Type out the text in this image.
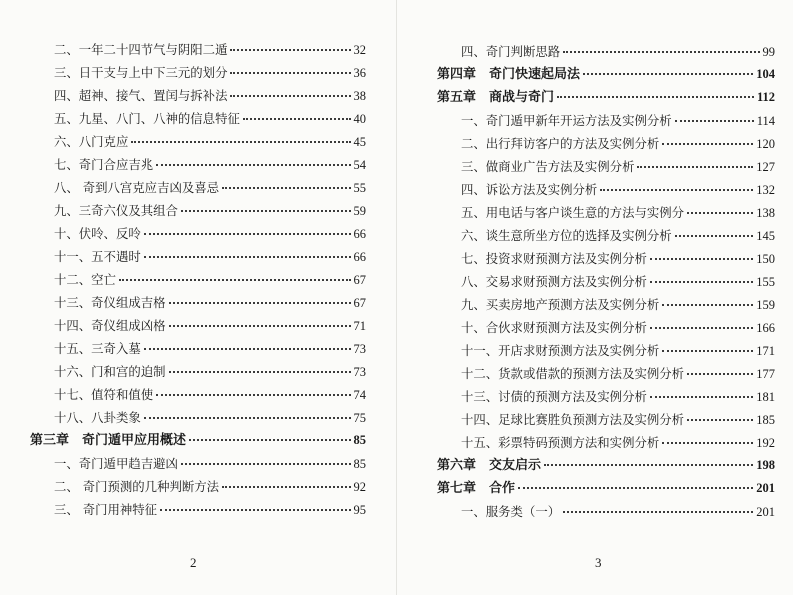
二、一年二十四节气与阴阳二遁	32
三、日干支与上中下三元的划分	36
四、超神、接气、置闰与拆补法	38
五、九星、八门、八神的信息特征	40
六、八门克应	45
七、奇门合应吉兆	54
八、 奇到八宫克应吉凶及喜忌	55
九、三奇六仪及其组合	59
十、伏呤、反呤	66
十一、五不遇时	66
十二、空亡	67
十三、奇仪组成吉格	67
十四、奇仪组成凶格	71
十五、三奇入墓	73
十六、门和宫的迫制	73
十七、值符和值使	74
十八、八卦类象	75
第三章　奇门遁甲应用概述	85
一、奇门遁甲趋吉避凶	85
二、 奇门预测的几种判断方法	92
三、 奇门用神特征	95
2
四、奇门判断思路	99
第四章　奇门快速起局法	104
第五章　商战与奇门	112
一、奇门遁甲新年开运方法及实例分析	114
二、出行拜访客户的方法及实例分析	120
三、做商业广告方法及实例分析	127
四、诉讼方法及实例分析	132
五、用电话与客户谈生意的方法与实例分	138
六、谈生意所坐方位的选择及实例分析	145
七、投资求财预测方法及实例分析	150
八、交易求财预测方法及实例分析	155
九、买卖房地产预测方法及实例分析	159
十、合伙求财预测方法及实例分析	166
十一、开店求财预测方法及实例分析	171
十二、货款或借款的预测方法及实例分析	177
十三、讨债的预测方法及实例分析	181
十四、足球比赛胜负预测方法及实例分析	185
十五、彩票特码预测方法和实例分析	192
第六章　交友启示	198
第七章　合作	201
一、服务类（一）	201
3
